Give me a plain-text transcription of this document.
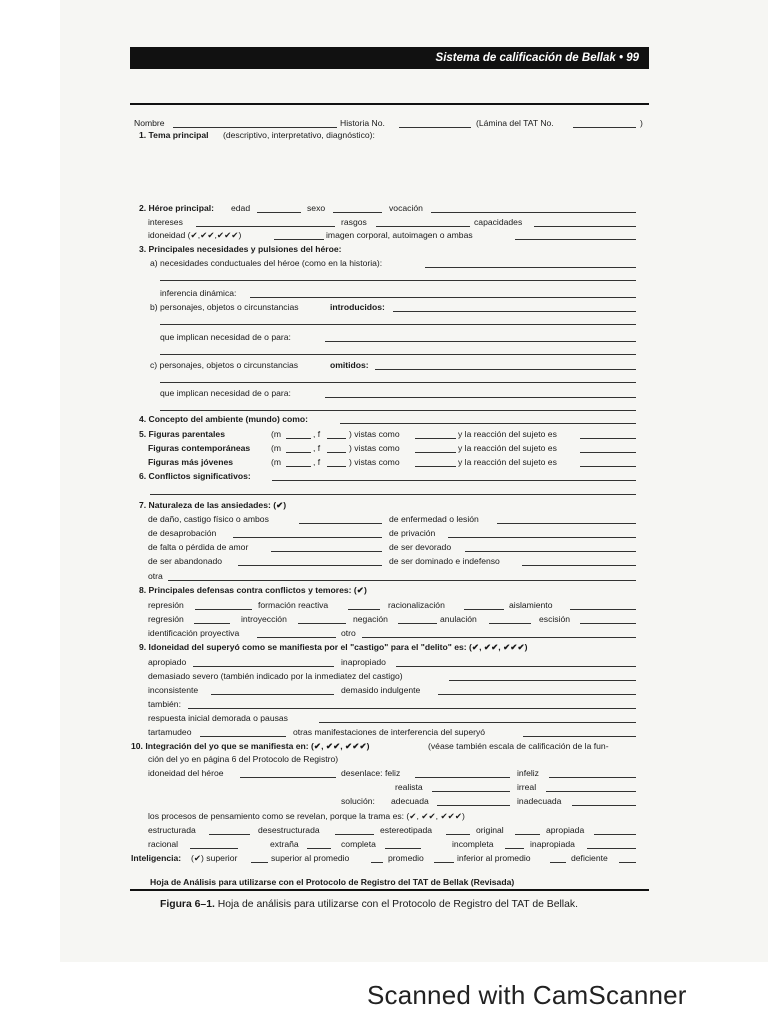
Sistema de calificación de Bellak • 99
Nombre	Historia No.	(Lámina del TAT No.	)
1. Tema principal (descriptivo, interpretativo, diagnóstico):
2. Héroe principal: edad	sexo	vocación
intereses	rasgos	capacidades
idoneidad (✔,✔✔,✔✔✔)	imagen corporal, autoimagen o ambas
3. Principales necesidades y pulsiones del héroe:
a) necesidades conductuales del héroe (como en la historia):
inferencia dinámica:
b) personajes, objetos o circunstancias	introducidos:
que implican necesidad de o para:
c) personajes, objetos o circunstancias	omitidos:
que implican necesidad de o para:
4. Concepto del ambiente (mundo) como:
5. Figuras parentales	(m	, f	) vistas como	y la reacción del sujeto es
Figuras contemporáneas (m	, f	) vistas como	y la reacción del sujeto es
Figuras más jóvenes	(m	, f	) vistas como	y la reacción del sujeto es
6. Conflictos significativos:
7. Naturaleza de las ansiedades: (✔)
de daño, castigo físico o ambos	de enfermedad o lesión
de desaprobación	de privación
de falta o pérdida de amor	de ser devorado
de ser abandonado	de ser dominado e indefenso
otra
8. Principales defensas contra conflictos y temores: (✔)
represión	formación reactiva	racionalización	aislamiento
regresión	introyección	negación	anulación	escisión
identificación proyectiva	otro
9. Idoneidad del superyó como se manifiesta por el "castigo" para el "delito" es: (✔, ✔✔, ✔✔✔)
apropiado	inapropiado
demasiado severo (también indicado por la inmediatez del castigo)
inconsistente	demasido indulgente
también:
respuesta inicial demorada o pausas
tartamudeo	otras manifestaciones de interferencia del superyó
10. Integración del yo que se manifiesta en: (✔, ✔✔, ✔✔✔)	(véase también escala de calificación de la fun-
ción del yo en página 6 del Protocolo de Registro)
idoneidad del héroe	desenlace: feliz	infeliz
realista	irreal
solución: adecuada	inadecuada
los procesos de pensamiento como se revelan, porque la trama es: (✔, ✔✔, ✔✔✔)
estructurada	desestructurada	estereotipada	original	apropiada
racional	extraña	completa	incompleta	inapropiada
Inteligencia: (✔) superior	superior al promedio	promedio	inferior al promedio	deficiente
Hoja de Análisis para utilizarse con el Protocolo de Registro del TAT de Bellak (Revisada)
Figura 6–1. Hoja de análisis para utilizarse con el Protocolo de Registro del TAT de Bellak.
Scanned with CamScanner
